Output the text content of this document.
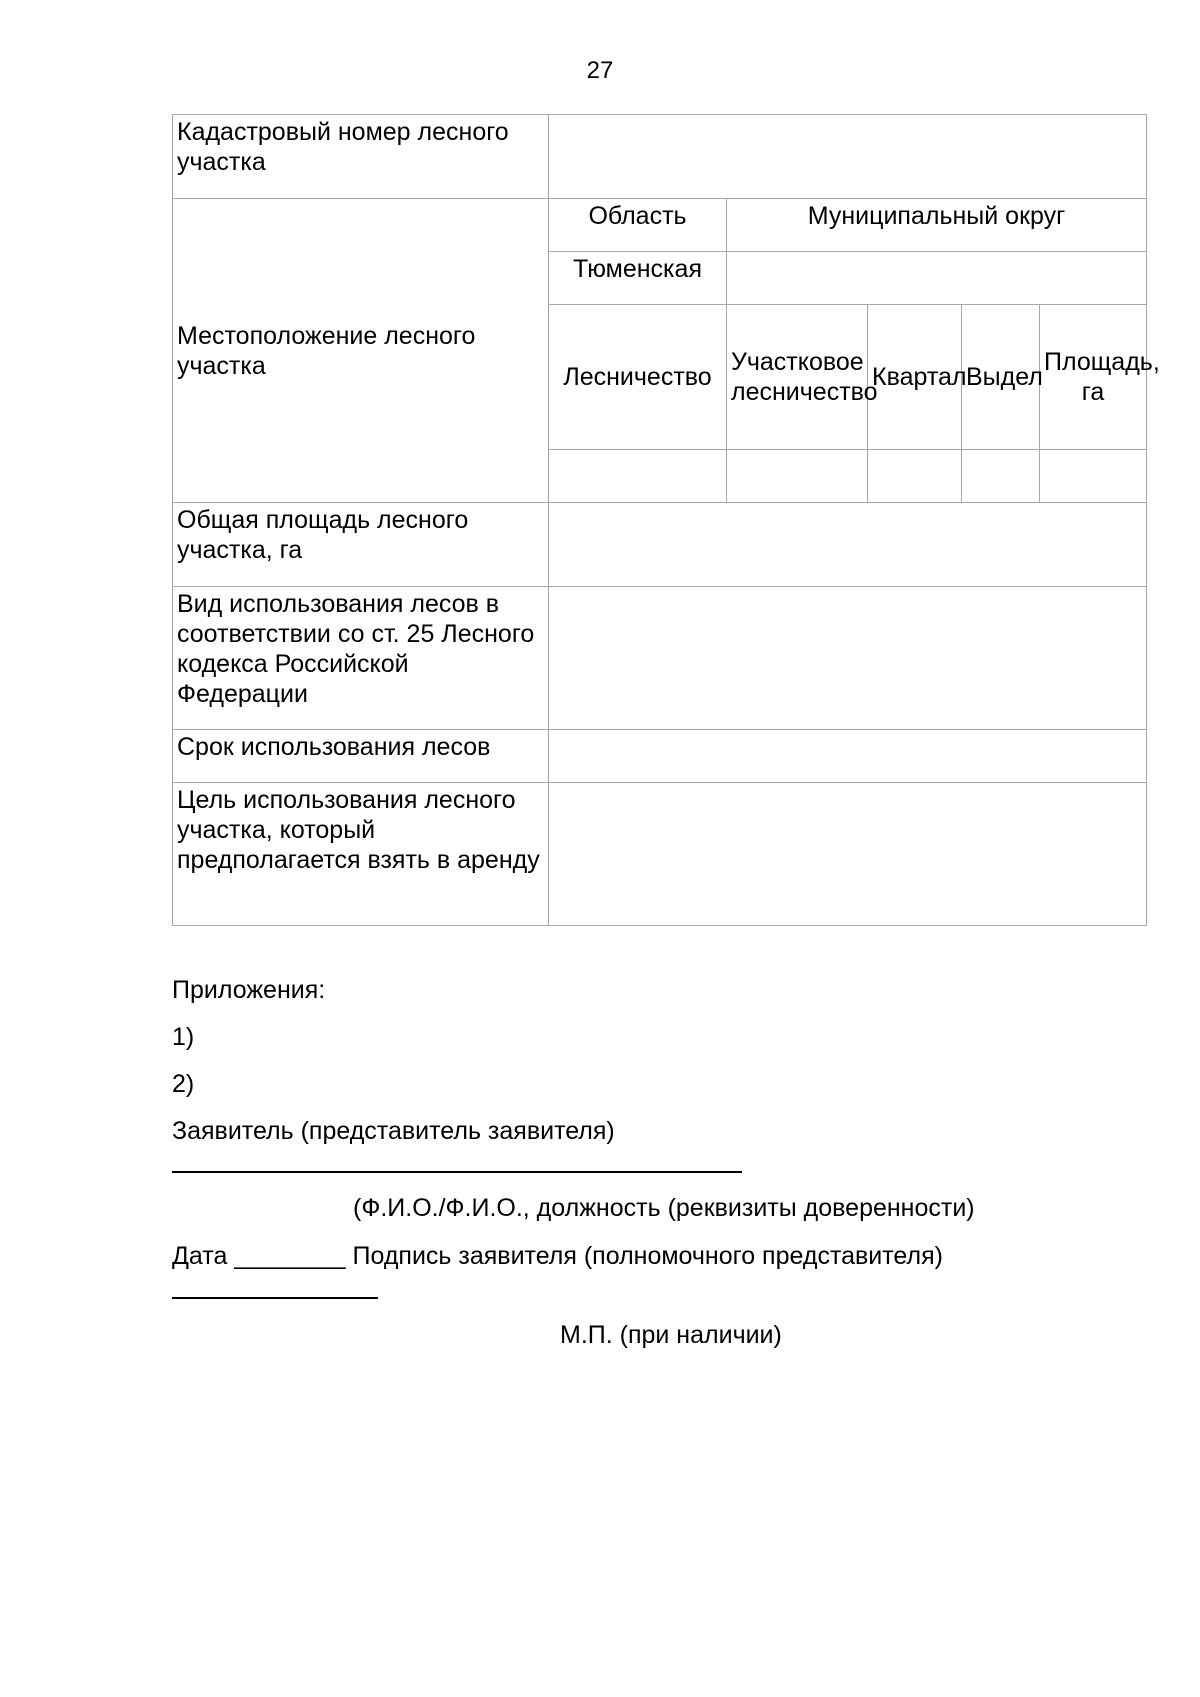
27
Кадастровый номер лесного участка					
Местоположение лесного участка	Область	Муниципальный округ			
	Тюменская				
	Лесничество	Участковое лесничество	Квартал	Выдел	Площадь, га

Общая площадь лесного участка, га					
Вид использования лесов в соответствии со ст. 25 Лесного кодекса Российской Федерации					
Срок использования лесов					
Цель использования лесного участка, который предполагается взять в аренду					
Приложения:
1)
2)
Заявитель (представитель заявителя)
(Ф.И.О./Ф.И.О., должность (реквизиты доверенности)
Дата ________ Подпись заявителя (полномочного представителя)
М.П. (при наличии)
